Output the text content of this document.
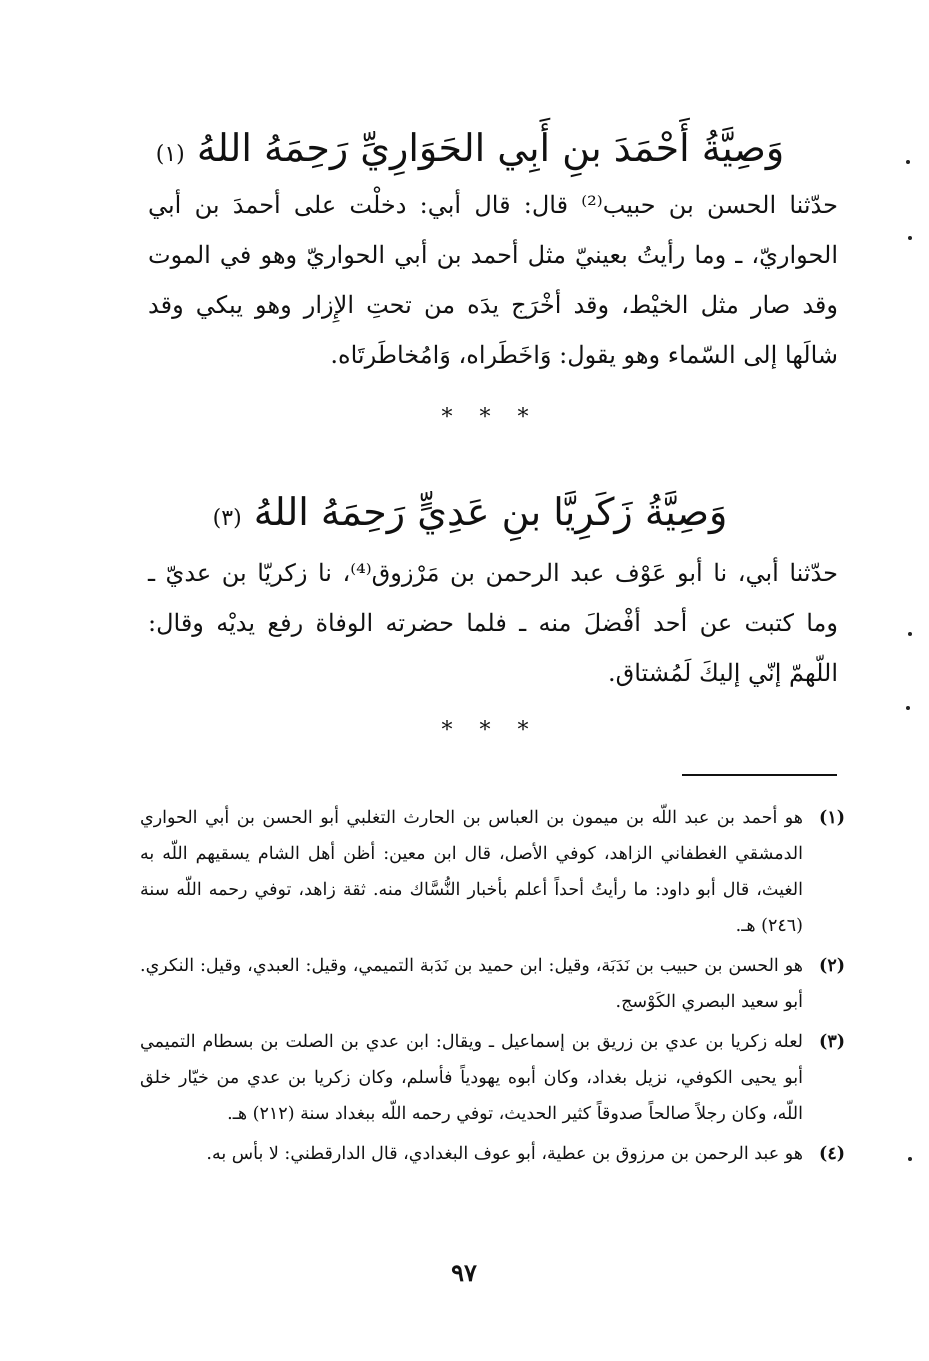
وَصِيَّةُ أَحْمَدَ بنِ أَبِي الحَوَارِيِّ رَحِمَهُ اللهُ (١)
حدّثنا الحسن بن حبيب⁽²⁾ قال: قال أبي: دخلْت على أحمدَ بن أبي الحواريّ، ـ وما رأيتُ بعينيّ مثل أحمد بن أبي الحواريّ وهو في الموت وقد صار مثل الخيْط، وقد أخْرَج يدَه من تحتِ الإِزار وهو يبكي وقد شالَها إلى السّماء وهو يقول: وَاخَطَراه، وَامُخاطَرتَاه.
* * *
وَصِيَّةُ زَكَرِيَّا بنِ عَدِيٍّ رَحِمَهُ اللهُ (٣)
حدّثنا أبي، نا أبو عَوْف عبد الرحمن بن مَرْزوق⁽⁴⁾، نا زكريّا بن عديّ ـ وما كتبت عن أحد أفْضلَ منه ـ فلما حضرته الوفاة رفع يديْه وقال: اللّهمّ إنّي إليكَ لَمُشتاق.
* * *
(١)
هو أحمد بن عبد اللّه بن ميمون بن العباس بن الحارث التغلبي أبو الحسن بن أبي الحواري الدمشقي الغطفاني الزاهد، كوفي الأصل، قال ابن معين: أظن أهل الشام يسقيهم اللّه به الغيث، قال أبو داود: ما رأيتُ أحداً أعلم بأخبار النُّسَّاك منه. ثقة زاهد، توفي رحمه اللّه سنة (٢٤٦) هـ.
(٢)
هو الحسن بن حبيب بن نَدَبَة، وقيل: ابن حميد بن نَدَبة التميمي، وقيل: العبدي، وقيل: النكري. أبو سعيد البصري الكَوْسج.
(٣)
لعله زكريا بن عدي بن زريق بن إسماعيل ـ ويقال: ابن عدي بن الصلت بن بسطام التميمي أبو يحيى الكوفي، نزيل بغداد، وكان أبوه يهودياً فأسلم، وكان زكريا بن عدي من خيّار خلق اللّه، وكان رجلاً صالحاً صدوقاً كثير الحديث، توفي رحمه اللّه ببغداد سنة (٢١٢) هـ.
(٤)
هو عبد الرحمن بن مرزوق بن عطية، أبو عوف البغدادي، قال الدارقطني: لا بأس به.
٩٧
